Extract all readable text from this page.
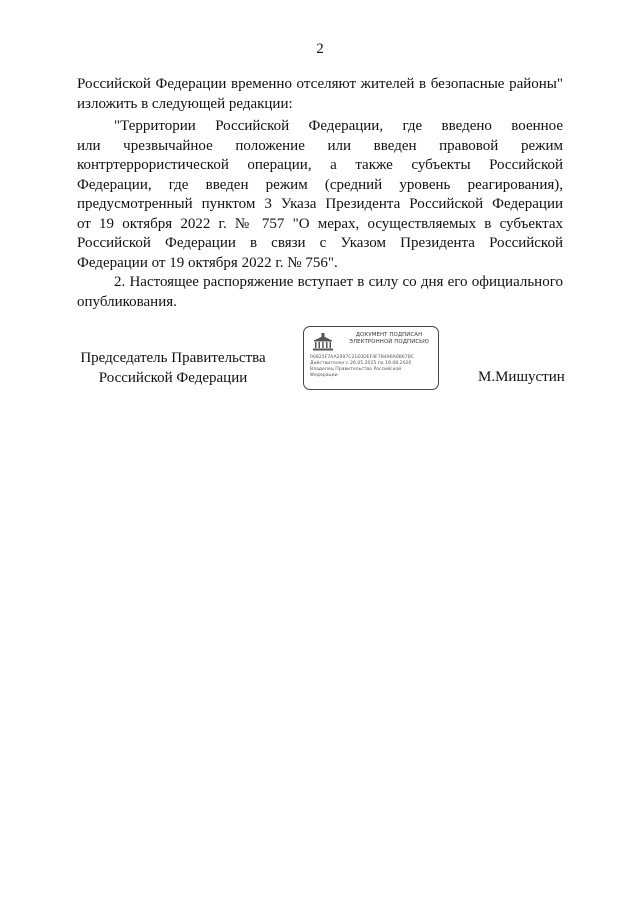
2
Российской Федерации временно отселяют жителей в безопасные районы"
изложить в следующей редакции:
"Территории Российской Федерации, где введено военное
или чрезвычайное положение или введен правовой режим
контртеррористической операции, а также субъекты Российской
Федерации, где введен режим (средний уровень реагирования),
предусмотренный пунктом 3 Указа Президента Российской Федерации
от 19 октября 2022 г. № 757 "О мерах, осуществляемых в субъектах
Российской Федерации в связи с Указом Президента Российской
Федерации от 19 октября 2022 г. № 756".
2. Настоящее распоряжение вступает в силу со дня его официального
опубликования.
Председатель Правительства
Российской Федерации
ДОКУМЕНТ ПОДПИСАН
ЭЛЕКТРОННОЙ ПОДПИСЬЮ
00825F7AA2097C21E0DEF4F7B496A0B67BC
Действителен с 26.05.2025 по 19.08.2026
Владелец Правительство Российской
Федерации	М.Мишустин
